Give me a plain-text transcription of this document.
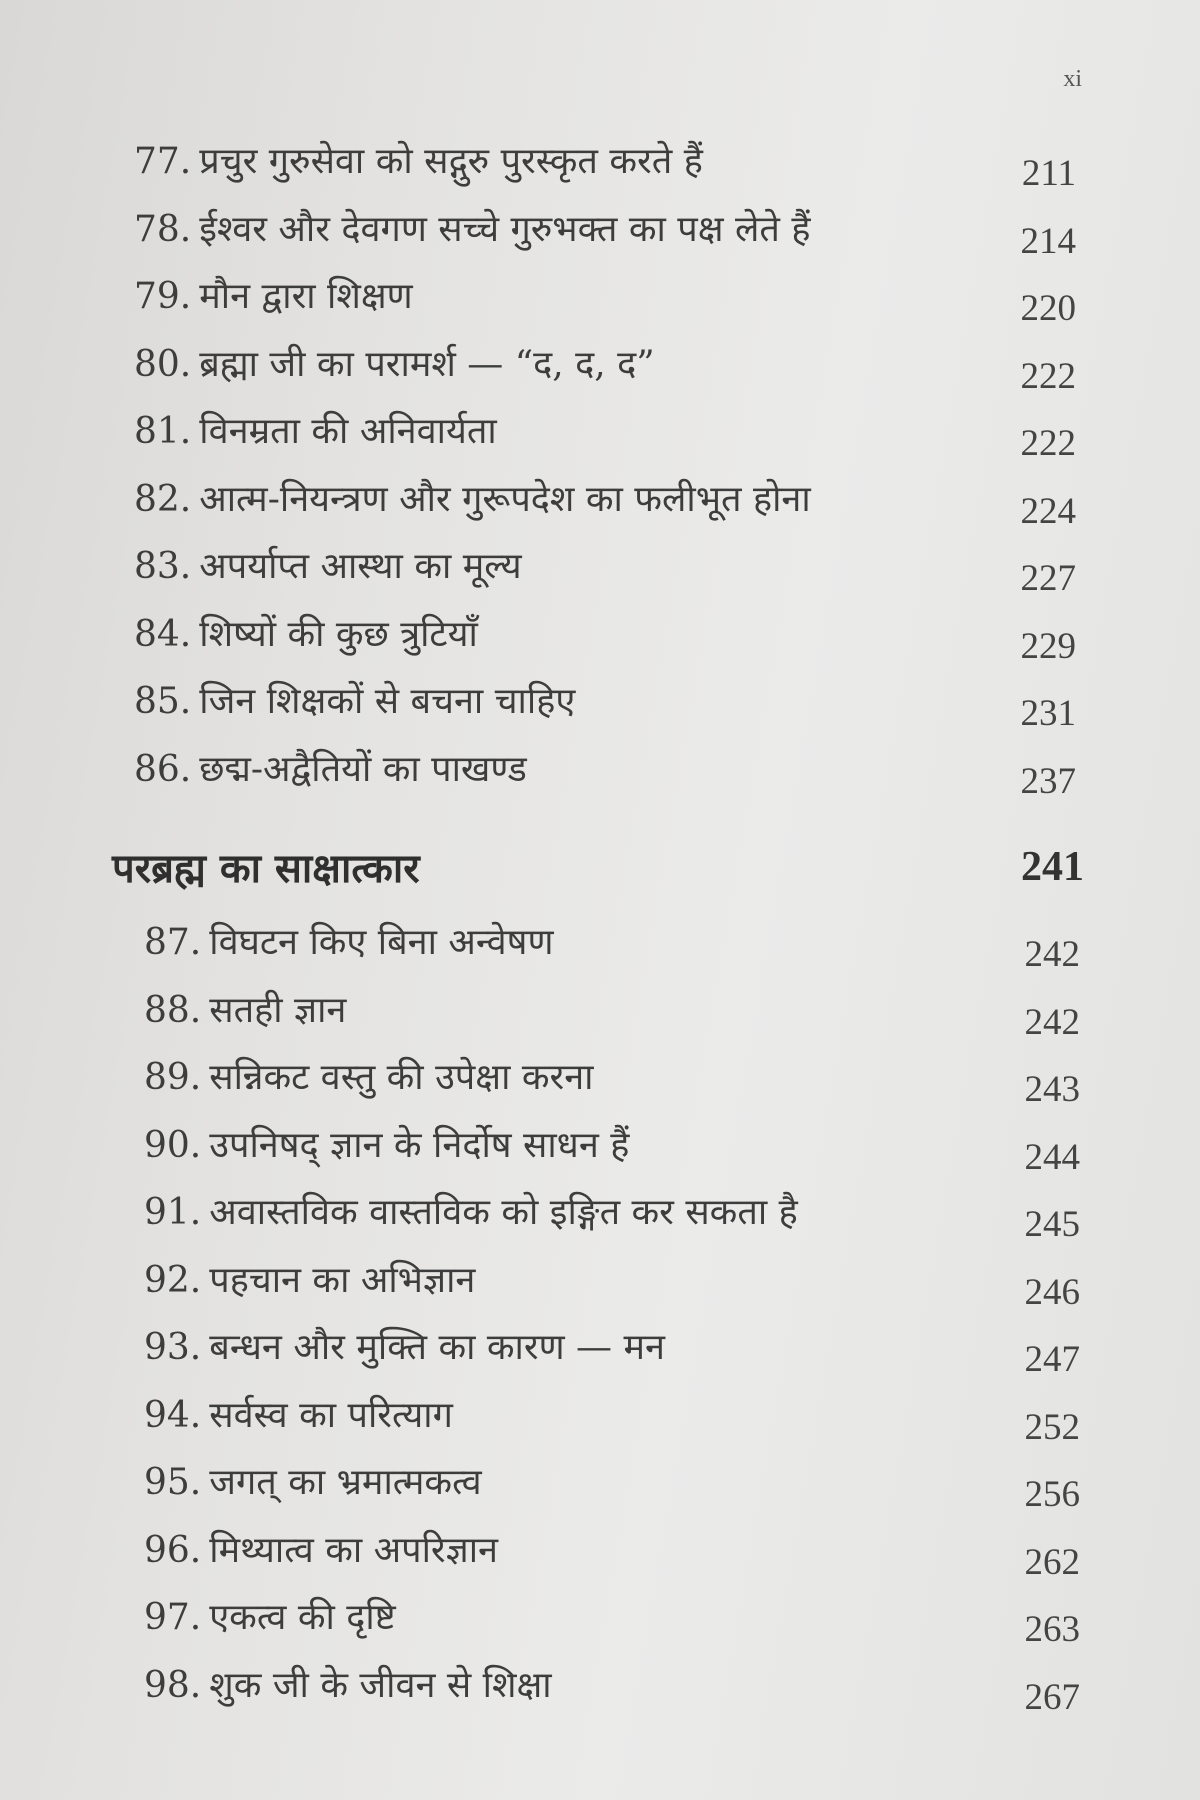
xi
77. प्रचुर गुरुसेवा को सद्गुरु पुरस्कृत करते हैं	211
78. ईश्वर और देवगण सच्चे गुरुभक्त का पक्ष लेते हैं	214
79. मौन द्वारा शिक्षण	220
80. ब्रह्मा जी का परामर्श — “द, द, द”	222
81. विनम्रता की अनिवार्यता	222
82. आत्म-नियन्त्रण और गुरूपदेश का फलीभूत होना	224
83. अपर्याप्त आस्था का मूल्य	227
84. शिष्यों की कुछ त्रुटियाँ	229
85. जिन शिक्षकों से बचना चाहिए	231
86. छद्म-अद्वैतियों का पाखण्ड	237
परब्रह्म का साक्षात्कार	241
87. विघटन किए बिना अन्वेषण	242
88. सतही ज्ञान	242
89. सन्निकट वस्तु की उपेक्षा करना	243
90. उपनिषद् ज्ञान के निर्दोष साधन हैं	244
91. अवास्तविक वास्तविक को इङ्गित कर सकता है	245
92. पहचान का अभिज्ञान	246
93. बन्धन और मुक्ति का कारण — मन	247
94. सर्वस्व का परित्याग	252
95. जगत् का भ्रमात्मकत्व	256
96. मिथ्यात्व का अपरिज्ञान	262
97. एकत्व की दृष्टि	263
98. शुक जी के जीवन से शिक्षा	267
